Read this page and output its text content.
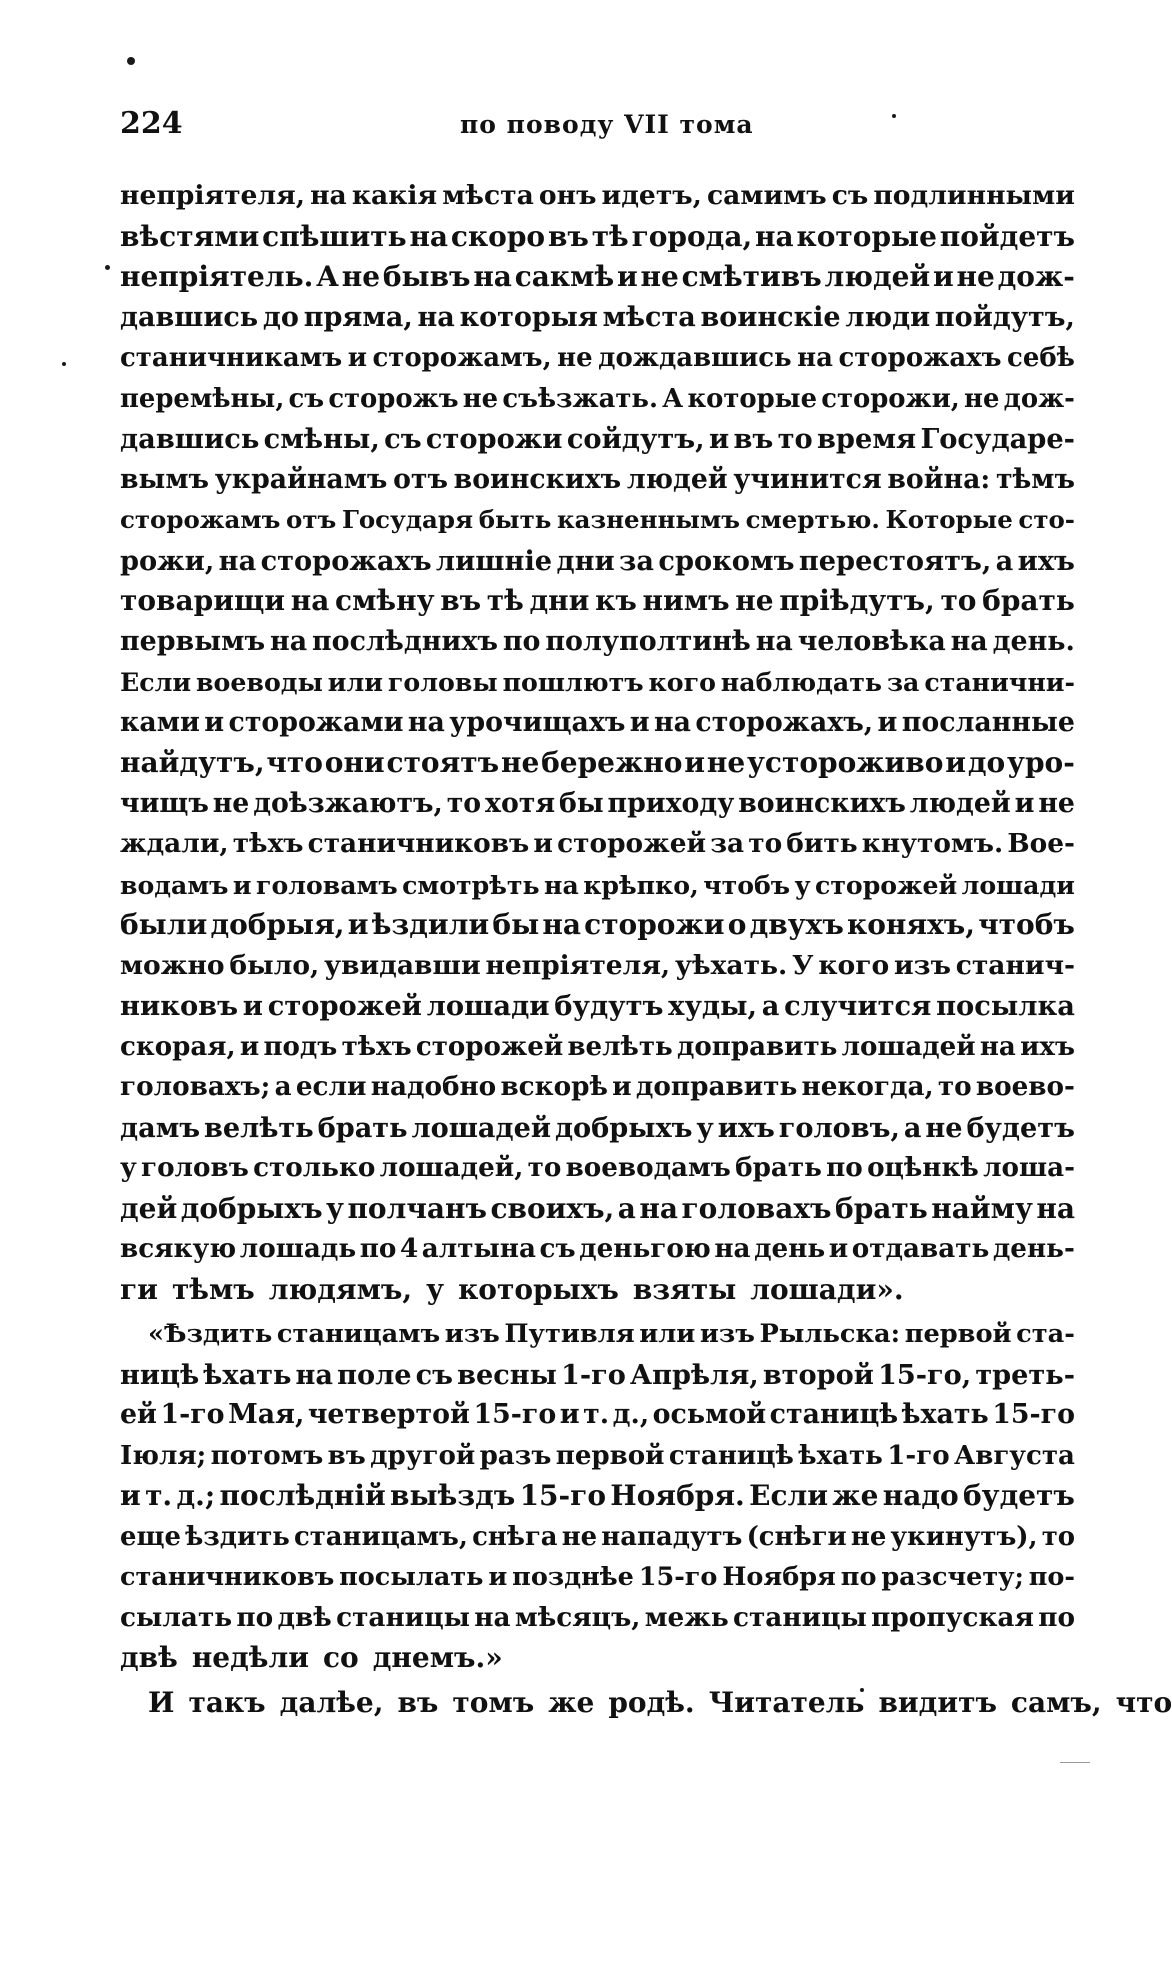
224	по поводу VII тома
непріятеля, на какія мѣста онъ идетъ, самимъ съ подлинными
вѣстями спѣшить на скоро въ тѣ города, на которые пойдетъ
непріятель. А не бывъ на сакмѣ и не смѣтивъ людей и не дож-
давшись до пряма, на которыя мѣста воинскіе люди пойдутъ,
станичникамъ и сторожамъ, не дождавшись на сторожахъ себѣ
перемѣны, съ сторожъ не съѣзжать. А которые сторожи, не дож-
давшись смѣны, съ сторожи сойдутъ, и въ то время Государе-
вымъ украйнамъ отъ воинскихъ людей учинится война: тѣмъ
сторожамъ отъ Государя быть казненнымъ смертью. Которые сто-
рожи, на сторожахъ лишніе дни за срокомъ перестоятъ, а ихъ
товарищи на смѣну въ тѣ дни къ нимъ не пріѣдутъ, то брать
первымъ на послѣднихъ по полуполтинѣ на человѣка на день.
Если воеводы или головы пошлютъ кого наблюдать за станични-
ками и сторожами на урочищахъ и на сторожахъ, и посланные
найдутъ, что они стоятъ не бережно и не устороживо и до уро-
чищъ не доѣзжаютъ, то хотя бы приходу воинскихъ людей и не
ждали, тѣхъ станичниковъ и сторожей за то бить кнутомъ. Вое-
водамъ и головамъ смотрѣть на крѣпко, чтобъ у сторожей лошади
были добрыя, и ѣздили бы на сторожи о двухъ коняхъ, чтобъ
можно было, увидавши непріятеля, уѣхать. У кого изъ станич-
никовъ и сторожей лошади будутъ худы, а случится посылка
скорая, и подъ тѣхъ сторожей велѣть доправить лошадей на ихъ
головахъ; а если надобно вскорѣ и доправить некогда, то воево-
дамъ велѣть брать лошадей добрыхъ у ихъ головъ, а не будетъ
у головъ столько лошадей, то воеводамъ брать по оцѣнкѣ лоша-
дей добрыхъ у полчанъ своихъ, а на головахъ брать найму на
всякую лошадь по 4 алтына съ деньгою на день и отдавать день-
ги тѣмъ людямъ, у которыхъ взяты лошади».
«Ѣздить станицамъ изъ Путивля или изъ Рыльска: первой ста-
ницѣ ѣхать на поле съ весны 1-го Апрѣля, второй 15-го, треть-
ей 1-го Мая, четвертой 15-го и т. д., осьмой станицѣ ѣхать 15-го
Іюля; потомъ въ другой разъ первой станицѣ ѣхать 1-го Августа
и т. д.; послѣдній выѣздъ 15-го Ноября. Если же надо будетъ
еще ѣздить станицамъ, снѣга не нападутъ (снѣги не укинутъ), то
станичниковъ посылать и позднѣе 15-го Ноября по разсчету; по-
сылать по двѣ станицы на мѣсяцъ, межь станицы пропуская по
двѣ недѣли со днемъ.»
И такъ далѣе, въ томъ же родѣ. Читатель видитъ самъ, что
